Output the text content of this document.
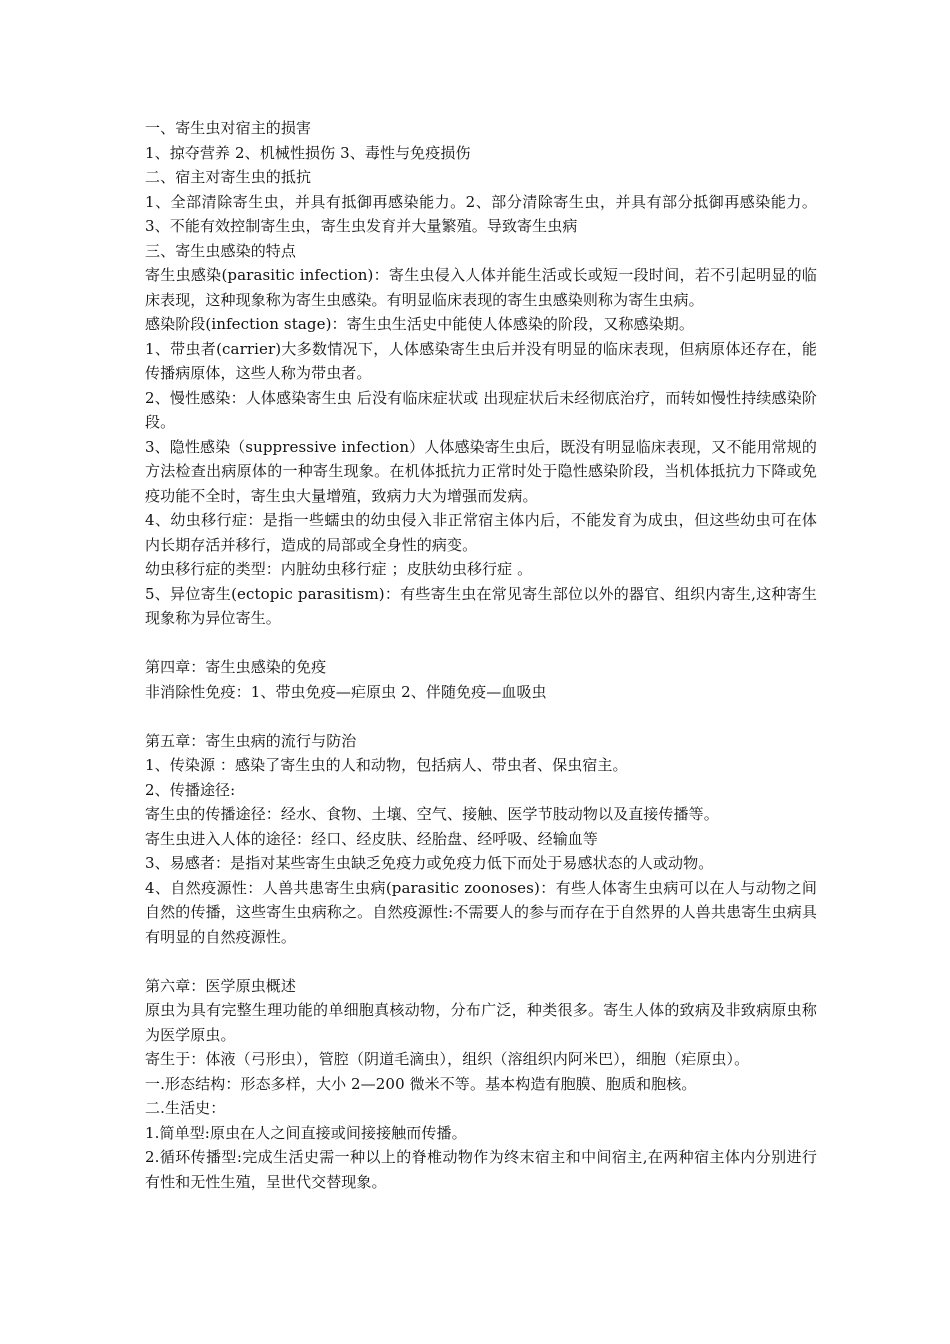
一、寄生虫对宿主的损害

1、掠夺营养 2、机械性损伤 3、毒性与免疫损伤

二、宿主对寄生虫的抵抗

1、全部清除寄生虫，并具有抵御再感染能力。2、部分清除寄生虫，并具有部分抵御再感染能力。3、不能有效控制寄生虫，寄生虫发育并大量繁殖。导致寄生虫病

三、寄生虫感染的特点

寄生虫感染(parasitic infection)：寄生虫侵入人体并能生活或长或短一段时间，若不引起明显的临床表现，这种现象称为寄生虫感染。有明显临床表现的寄生虫感染则称为寄生虫病。

感染阶段(infection stage)：寄生虫生活史中能使人体感染的阶段，又称感染期。

1、带虫者(carrier)大多数情况下，人体感染寄生虫后并没有明显的临床表现，但病原体还存在，能传播病原体，这些人称为带虫者。

2、慢性感染：人体感染寄生虫 后没有临床症状或 出现症状后未经彻底治疗，而转如慢性持续感染阶段。

3、隐性感染（suppressive infection）人体感染寄生虫后，既没有明显临床表现，又不能用常规的方法检查出病原体的一种寄生现象。在机体抵抗力正常时处于隐性感染阶段，当机体抵抗力下降或免疫功能不全时，寄生虫大量增殖，致病力大为增强而发病。

4、幼虫移行症：是指一些蠕虫的幼虫侵入非正常宿主体内后，不能发育为成虫，但这些幼虫可在体内长期存活并移行，造成的局部或全身性的病变。

幼虫移行症的类型：内脏幼虫移行症 ；皮肤幼虫移行症 。

5、异位寄生(ectopic parasitism)：有些寄生虫在常见寄生部位以外的器官、组织内寄生,这种寄生现象称为异位寄生。

第四章：寄生虫感染的免疫

非消除性免疫：1、带虫免疫—疟原虫 2、伴随免疫—血吸虫

第五章：寄生虫病的流行与防治

1、传染源 ：感染了寄生虫的人和动物，包括病人、带虫者、保虫宿主。

2、传播途径:

寄生虫的传播途径：经水、食物、土壤、空气、接触、医学节肢动物以及直接传播等。

寄生虫进入人体的途径：经口、经皮肤、经胎盘、经呼吸、经输血等

3、易感者：是指对某些寄生虫缺乏免疫力或免疫力低下而处于易感状态的人或动物。

4、自然疫源性：人兽共患寄生虫病(parasitic zoonoses)：有些人体寄生虫病可以在人与动物之间自然的传播，这些寄生虫病称之。自然疫源性:不需要人的参与而存在于自然界的人兽共患寄生虫病具有明显的自然疫源性。

第六章：医学原虫概述

原虫为具有完整生理功能的单细胞真核动物，分布广泛，种类很多。寄生人体的致病及非致病原虫称为医学原虫。

寄生于：体液（弓形虫），管腔（阴道毛滴虫），组织（溶组织内阿米巴），细胞（疟原虫）。

一.形态结构：形态多样，大小 2—200 微米不等。基本构造有胞膜、胞质和胞核。

二.生活史：

1.简单型:原虫在人之间直接或间接接触而传播。

2.循环传播型:完成生活史需一种以上的脊椎动物作为终末宿主和中间宿主,在两种宿主体内分别进行有性和无性生殖，呈世代交替现象。
